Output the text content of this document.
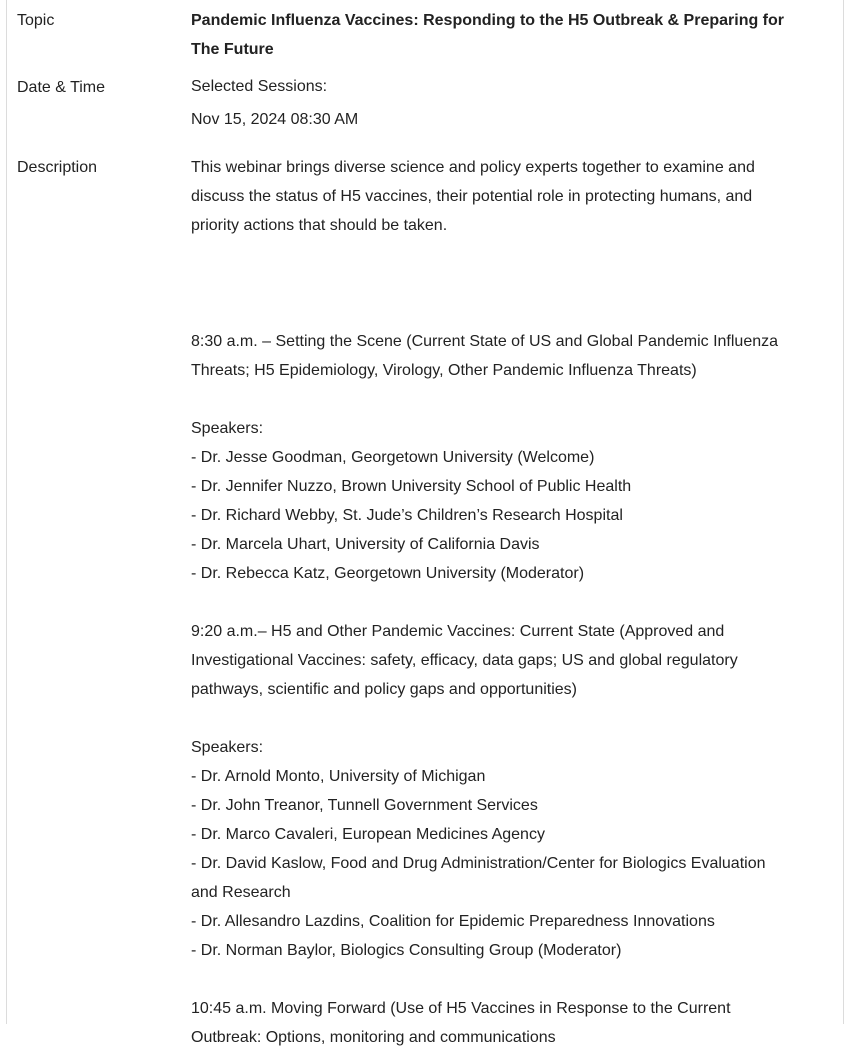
Topic	Pandemic Influenza Vaccines: Responding to the H5 Outbreak & Preparing for
The Future
Date & Time	Selected Sessions:
Nov 15, 2024 08:30 AM
Description	This webinar brings diverse science and policy experts together to examine and
discuss the status of H5 vaccines, their potential role in protecting humans, and
priority actions that should be taken.
8:30 a.m. – Setting the Scene (Current State of US and Global Pandemic Influenza
Threats; H5 Epidemiology, Virology, Other Pandemic Influenza Threats)
Speakers:
- Dr. Jesse Goodman, Georgetown University (Welcome)
- Dr. Jennifer Nuzzo, Brown University School of Public Health
- Dr. Richard Webby, St. Jude’s Children’s Research Hospital
- Dr. Marcela Uhart, University of California Davis
- Dr. Rebecca Katz, Georgetown University (Moderator)
9:20 a.m.– H5 and Other Pandemic Vaccines: Current State (Approved and
Investigational Vaccines: safety, efficacy, data gaps; US and global regulatory
pathways, scientific and policy gaps and opportunities)
Speakers:
- Dr. Arnold Monto, University of Michigan
- Dr. John Treanor, Tunnell Government Services
- Dr. Marco Cavaleri, European Medicines Agency
- Dr. David Kaslow, Food and Drug Administration/Center for Biologics Evaluation
and Research
- Dr. Allesandro Lazdins, Coalition for Epidemic Preparedness Innovations
- Dr. Norman Baylor, Biologics Consulting Group (Moderator)
10:45 a.m. Moving Forward (Use of H5 Vaccines in Response to the Current
Outbreak: Options, monitoring and communications
